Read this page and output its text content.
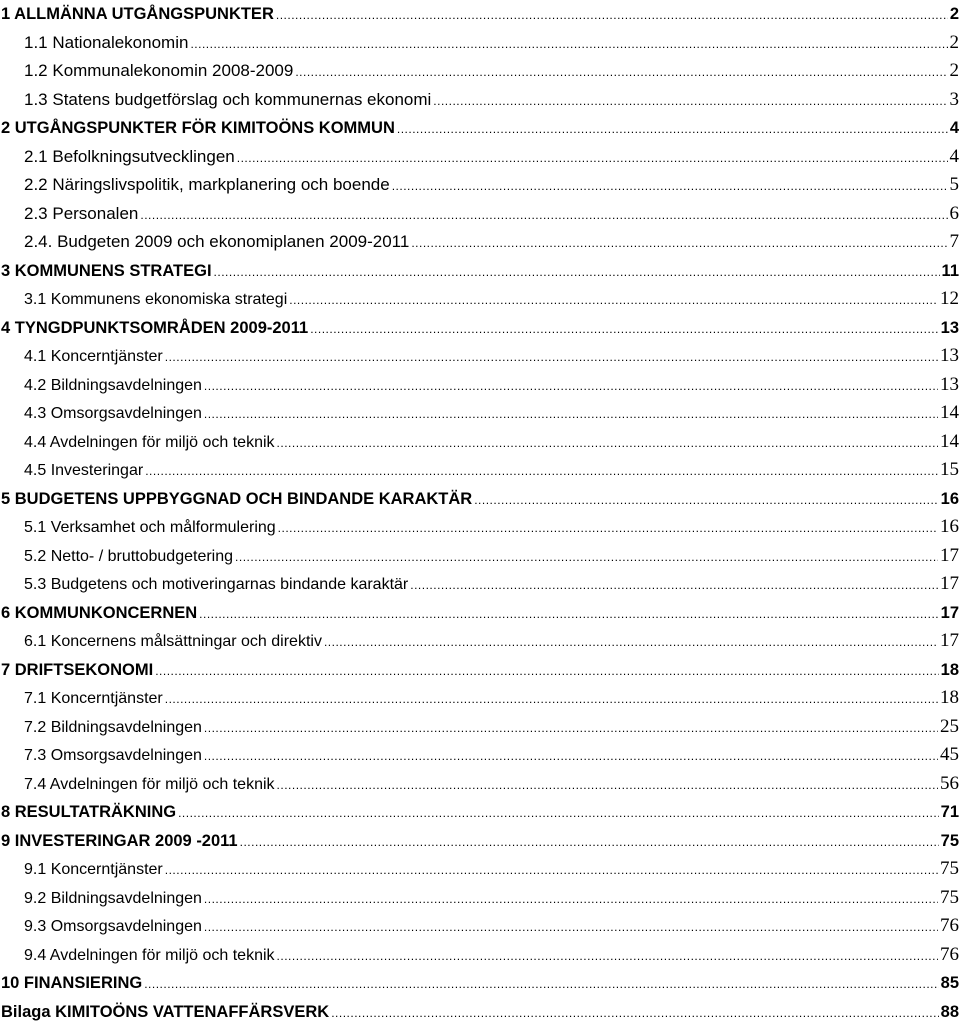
1 ALLMÄNNA UTGÅNGSPUNKTER .....	2
1.1 Nationalekonomin .....	2
1.2 Kommunalekonomin 2008-2009 .....	2
1.3 Statens budgetförslag och kommunernas ekonomi .....	3
2 UTGÅNGSPUNKTER FÖR KIMITOÖNS KOMMUN .....	4
2.1 Befolkningsutvecklingen .....	4
2.2 Näringslivspolitik, markplanering och boende .....	5
2.3 Personalen .....	6
2.4. Budgeten 2009 och ekonomiplanen 2009-2011 .....	7
3 KOMMUNENS STRATEGI .....	11
3.1 Kommunens ekonomiska strategi .....	12
4 TYNGDPUNKTSOMRÅDEN 2009-2011 .....	13
4.1 Koncerntjänster .....	13
4.2 Bildningsavdelningen .....	13
4.3 Omsorgsavdelningen .....	14
4.4 Avdelningen för miljö och teknik .....	14
4.5 Investeringar .....	15
5 BUDGETENS UPPBYGGNAD OCH BINDANDE KARAKTÄR .....	16
5.1 Verksamhet och målformulering .....	16
5.2 Netto- / bruttobudgetering .....	17
5.3 Budgetens och motiveringarnas bindande karaktär .....	17
6 KOMMUNKONCERNEN .....	17
6.1 Koncernens målsättningar och direktiv .....	17
7 DRIFTSEKONOMI .....	18
7.1 Koncerntjänster .....	18
7.2 Bildningsavdelningen .....	25
7.3 Omsorgsavdelningen .....	45
7.4 Avdelningen för miljö och teknik .....	56
8 RESULTATRÄKNING .....	71
9 INVESTERINGAR 2009 -2011 .....	75
9.1 Koncerntjänster .....	75
9.2 Bildningsavdelningen .....	75
9.3 Omsorgsavdelningen .....	76
9.4 Avdelningen för miljö och teknik .....	76
10 FINANSIERING .....	85
Bilaga KIMITOÖNS VATTENAFFÄRSVERK .....	88
